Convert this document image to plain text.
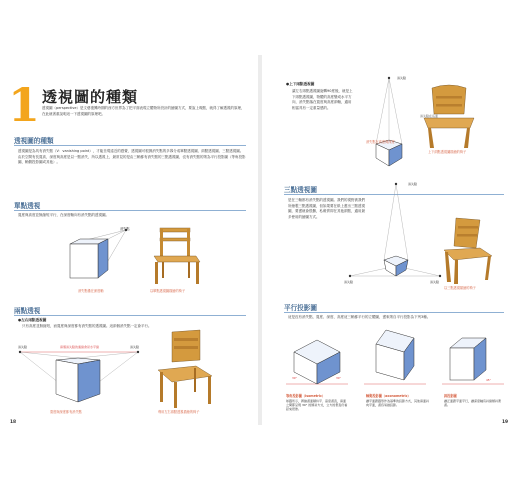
1 透視圖的種類
透視圖（perspective）是文藝復興時期的西方世界為了把平面表現立體物所設計的繪圖方式，要說上幾點，就得了解透視的原理，在此就著重說明這一下透視圖的原理吧。
透視圖的種類
透視圖是為具有消失點（V：vanishing point），才能呈現遠近的感覺，透視圖可根據消失點的多寡分成單點透視圖、兩點透視圖、三點透視圖。由於空間有長寬高，深度與高度是以一點消失，所以透視上，最常見的是由三軸都有消失點的三點透視圖，沒有消失點的則為平行投影圖（等角投影圖、軸側投影圖或其他）。
單點透視
寬度與高度並無縮短平行，在深度軸向有消失點的透視圖。
消失點
消失點僅在深度軸	以單點透視圖描繪的椅子
兩點透視
●左右兩點透視圖
只有高度並無縮短，而寬度與深度都有消失點的透視圖。這兩個消失點一定會平行。
消失點	消失點
兩個消失點的連線會是水平線
寬度與深度都有消失點	利用左右兩點透視描繪的椅子
18
●上下兩點透視圖
讓左右兩點透視圖旋轉90度後，就是上下兩點透視圖，物體的高度變成水平方向，消失點落在寬度與高度兩軸，適用相當具有一定重量感的。
消失點
消失點在高度與深度
消失點在底面
上下兩點透視圖描繪的椅子
三點透視圖
是在三軸都有消失點的透視圖。我們的視野被我們所繪製三點透視圖，但如果要在紙上畫出三點透視圖，要畫就會很難，私穀實即在其他兩點，適用最多使用的繪圖方式。
消失點
消失點	消失點
以三點透視描繪的椅子
平行投影圖
這是沒有消失點，寬度、深度、高度這三軸都平行的立體圖，畫來則自平行投影為下列3種。
30°	30°	45°
等角投影圖（isometric）
如圖所示，將繪畫面積持平、高度畫直，兩面之間都呈現 30° 的傾斜方式，立方的垂直仍看起來很像。
軸側投影圖（axonometric）
讓平面跟圖形作為基準的投影方式，其他兩面斜向平面，畫容易做投影。
斜投影圖
讓正面跟平面平行，讓深度軸有斜線傾斜著畫。
19
